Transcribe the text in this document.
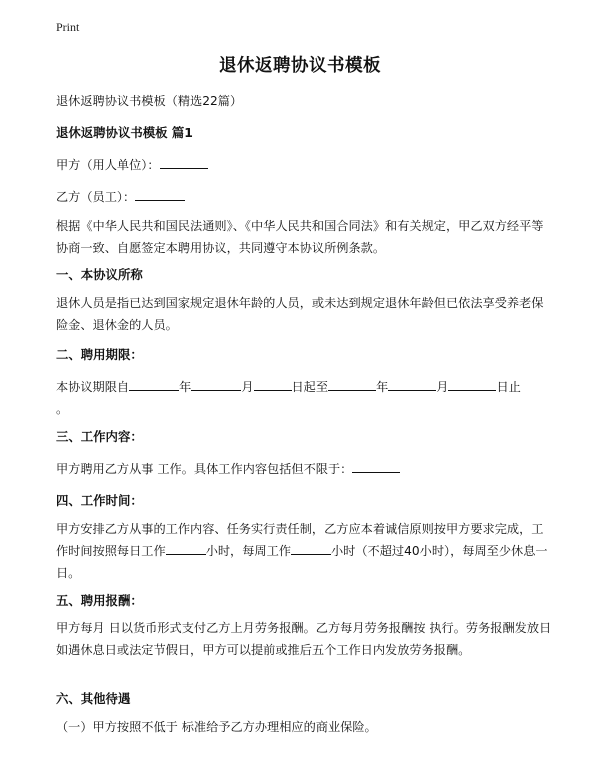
Print
退休返聘协议书模板
退休返聘协议书模板（精选22篇）
退休返聘协议书模板 篇1
甲方（用人单位）：
乙方（员工）：
根据《中华人民共和国民法通则》、《中华人民共和国合同法》和有关规定，甲乙双方经平等协商一致、自愿签定本聘用协议，共同遵守本协议所例条款。
一、本协议所称
退休人员是指已达到国家规定退休年龄的人员，或未达到规定退休年龄但已依法享受养老保险金、退休金的人员。
二、聘用期限：
本协议期限自	年	月	日起至	年	月	日止
。
三、工作内容：
甲方聘用乙方从事 工作。具体工作内容包括但不限于：
四、工作时间：
甲方安排乙方从事的工作内容、任务实行责任制，乙方应本着诚信原则按甲方要求完成，工作时间按照每日工作	小时，每周工作	小时（不超过40小时），每周至少休息一日。
五、聘用报酬：
甲方每月 日以货币形式支付乙方上月劳务报酬。乙方每月劳务报酬按 执行。劳务报酬发放日如遇休息日或法定节假日，甲方可以提前或推后五个工作日内发放劳务报酬。
六、其他待遇
（一）甲方按照不低于 标准给予乙方办理相应的商业保险。
